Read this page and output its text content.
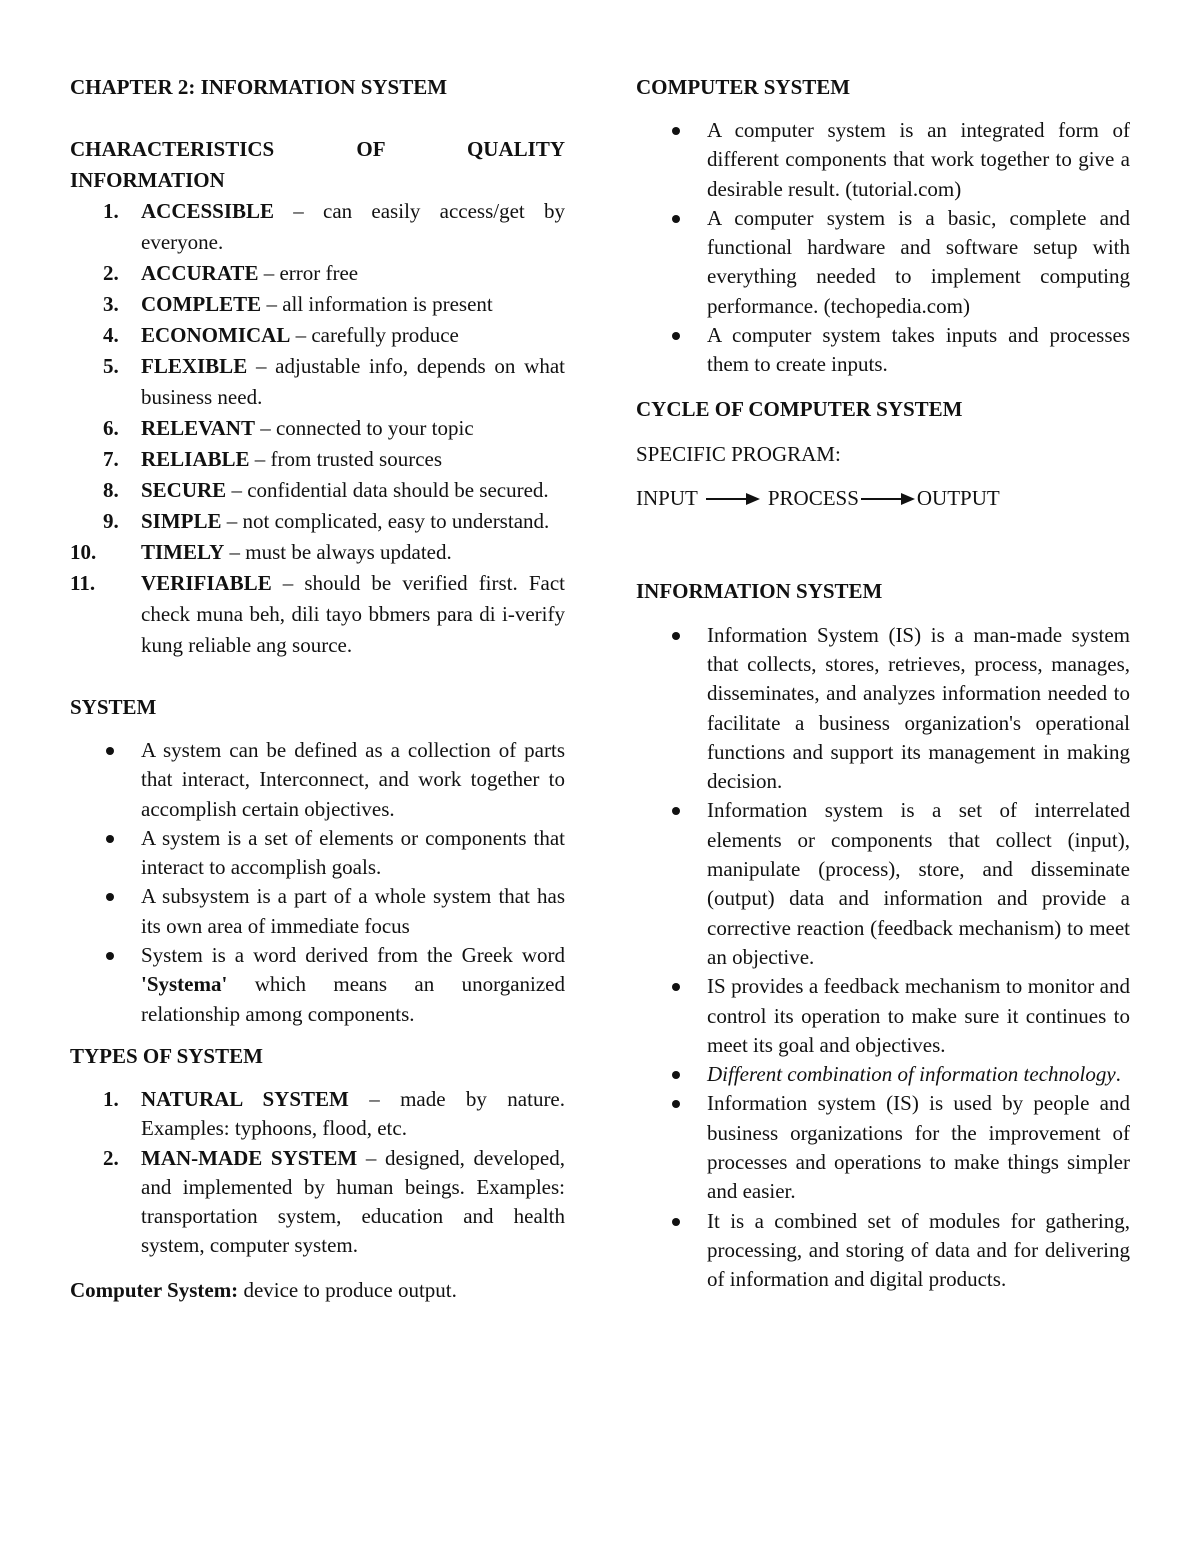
CHAPTER 2: INFORMATION SYSTEM

CHARACTERISTICS OF QUALITY

INFORMATION

1. ACCESSIBLE – can easily access/get by everyone.
2. ACCURATE – error free
3. COMPLETE – all information is present
4. ECONOMICAL – carefully produce
5. FLEXIBLE – adjustable info, depends on what business need.
6. RELEVANT – connected to your topic
7. RELIABLE – from trusted sources
8. SECURE – confidential data should be secured.
9. SIMPLE – not complicated, easy to understand.
10. TIMELY – must be always updated.
11. VERIFIABLE – should be verified first. Fact check muna beh, dili tayo bbmers para di i-verify kung reliable ang source.

SYSTEM

A system can be defined as a collection of parts that interact, Interconnect, and work together to accomplish certain objectives.
A system is a set of elements or components that interact to accomplish goals.
A subsystem is a part of a whole system that has its own area of immediate focus
System is a word derived from the Greek word 'Systema' which means an unorganized relationship among components.

TYPES OF SYSTEM

1. NATURAL SYSTEM – made by nature. Examples: typhoons, flood, etc.
2. MAN-MADE SYSTEM – designed, developed, and implemented by human beings. Examples: transportation system, education and health system, computer system.

Computer System: device to produce output.

COMPUTER SYSTEM

A computer system is an integrated form of different components that work together to give a desirable result. (tutorial.com)
A computer system is a basic, complete and functional hardware and software setup with everything needed to implement computing performance. (techopedia.com)
A computer system takes inputs and processes them to create inputs.

CYCLE OF COMPUTER SYSTEM

SPECIFIC PROGRAM:

INPUT	PROCESS	OUTPUT

INFORMATION SYSTEM

Information System (IS) is a man-made system that collects, stores, retrieves, process, manages, disseminates, and analyzes information needed to facilitate a business organization's operational functions and support its management in making decision.
Information system is a set of interrelated elements or components that collect (input), manipulate (process), store, and disseminate (output) data and information and provide a corrective reaction (feedback mechanism) to meet an objective.
IS provides a feedback mechanism to monitor and control its operation to make sure it continues to meet its goal and objectives.
Different combination of information technology.
Information system (IS) is used by people and business organizations for the improvement of processes and operations to make things simpler and easier.
It is a combined set of modules for gathering, processing, and storing of data and for delivering of information and digital products.
